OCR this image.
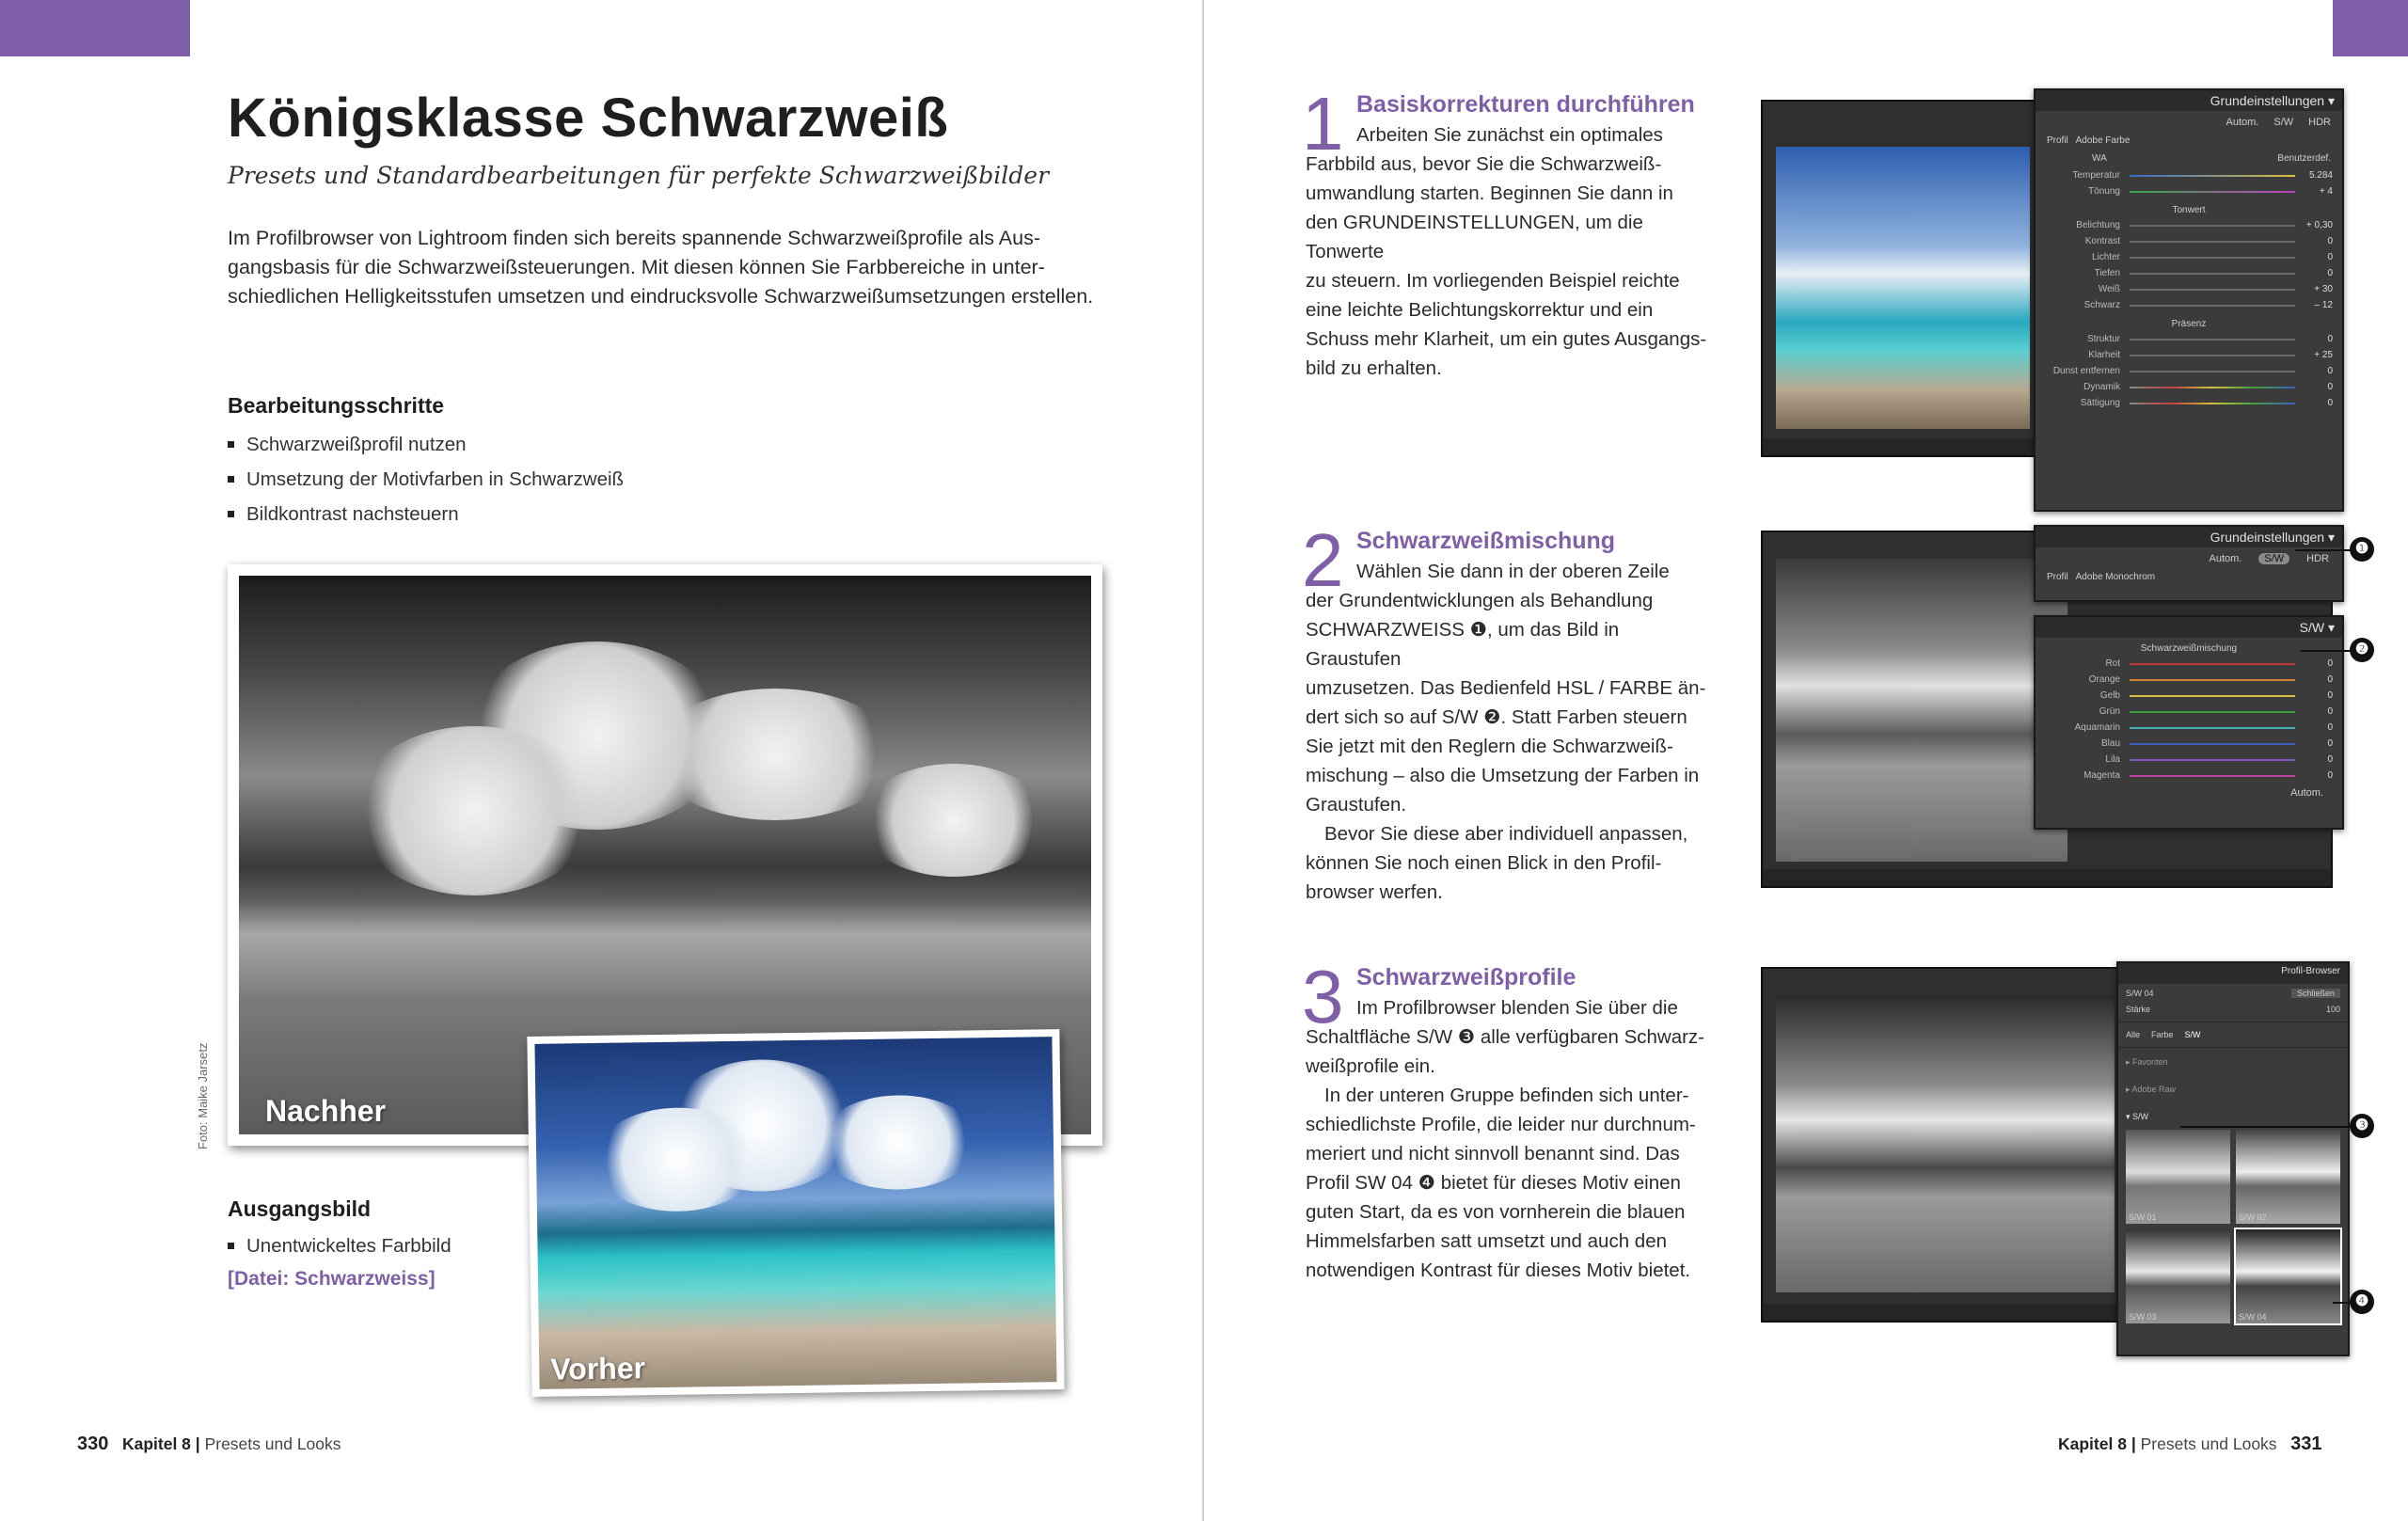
Königsklasse Schwarzweiß
Presets und Standardbearbeitungen für perfekte Schwarzweißbilder

Im Profilbrowser von Lightroom finden sich bereits spannende Schwarzweißprofile als Aus-

gangsbasis für die Schwarzweißsteuerungen. Mit diesen können Sie Farbbereiche in unter-

schiedlichen Helligkeitsstufen umsetzen und eindrucksvolle Schwarzweißumsetzungen erstellen.

Bearbeitungsschritte
Schwarzweißprofil nutzen
Umsetzung der Motivfarben in Schwarzweiß
Bildkontrast nachsteuern
Nachher
Foto: Maike Jarsetz
Ausgangsbild
Unentwickeltes Farbbild
[Datei: Schwarzweiss]
Vorher
330 Kapitel 8 | Presets und Looks
1 Basiskorrekturen durchführen

Arbeiten Sie zunächst ein optimales

Farbbild aus, bevor Sie die Schwarzweiß-

umwandlung starten. Beginnen Sie dann in

den GRUNDEINSTELLUNGEN, um die Tonwerte

zu steuern. Im vorliegenden Beispiel reichte

eine leichte Belichtungskorrektur und ein

Schuss mehr Klarheit, um ein gutes Ausgangs-

bild zu erhalten.

Grundeinstellungen ▾
Autom. S/W HDR
Profil Adobe Farbe
WA	Benutzerdef.
Temperatur	5.284
Tönung	+ 4
Tonwert
Belichtung	+ 0,30
Kontrast	0
Lichter	0
Tiefen	0
Weiß	+ 30
Schwarz	– 12
Präsenz
Struktur	0
Klarheit	+ 25
Dunst entfernen	0
Dynamik	0
Sättigung	0
2 Schwarzweißmischung

Wählen Sie dann in der oberen Zeile

der Grundentwicklungen als Behandlung

SCHWARZWEISS ❶, um das Bild in Graustufen

umzusetzen. Das Bedienfeld HSL / FARBE än-

dert sich so auf S/W ❷. Statt Farben steuern

Sie jetzt mit den Reglern die Schwarzweiß-

mischung – also die Umsetzung der Farben in

Graustufen.

Bevor Sie diese aber individuell anpassen,

können Sie noch einen Blick in den Profil-

browser werfen.

Grundeinstellungen ▾
Autom.	S/W	HDR
Profil Adobe Monochrom
S/W ▾
Schwarzweißmischung
Rot	0
Orange	0
Gelb	0
Grün	0
Aquamarin	0
Blau	0
Lila	0
Magenta	0
Autom.
❶
❷
3 Schwarzweißprofile

Im Profilbrowser blenden Sie über die

Schaltfläche S/W ❸ alle verfügbaren Schwarz-

weißprofile ein.

In der unteren Gruppe befinden sich unter-

schiedlichste Profile, die leider nur durchnum-

meriert und nicht sinnvoll benannt sind. Das

Profil SW 04 ❹ bietet für dieses Motiv einen

guten Start, da es von vornherein die blauen

Himmelsfarben satt umsetzt und auch den

notwendigen Kontrast für dieses Motiv bietet.

Profil-Browser
S/W 04	Schließen
Stärke	100
Alle Farbe S/W
▸ Favoriten
▸ Adobe Raw
▾ S/W
S/W 01	S/W 02
S/W 03	S/W 04
❸
❹
Kapitel 8 | Presets und Looks 331
